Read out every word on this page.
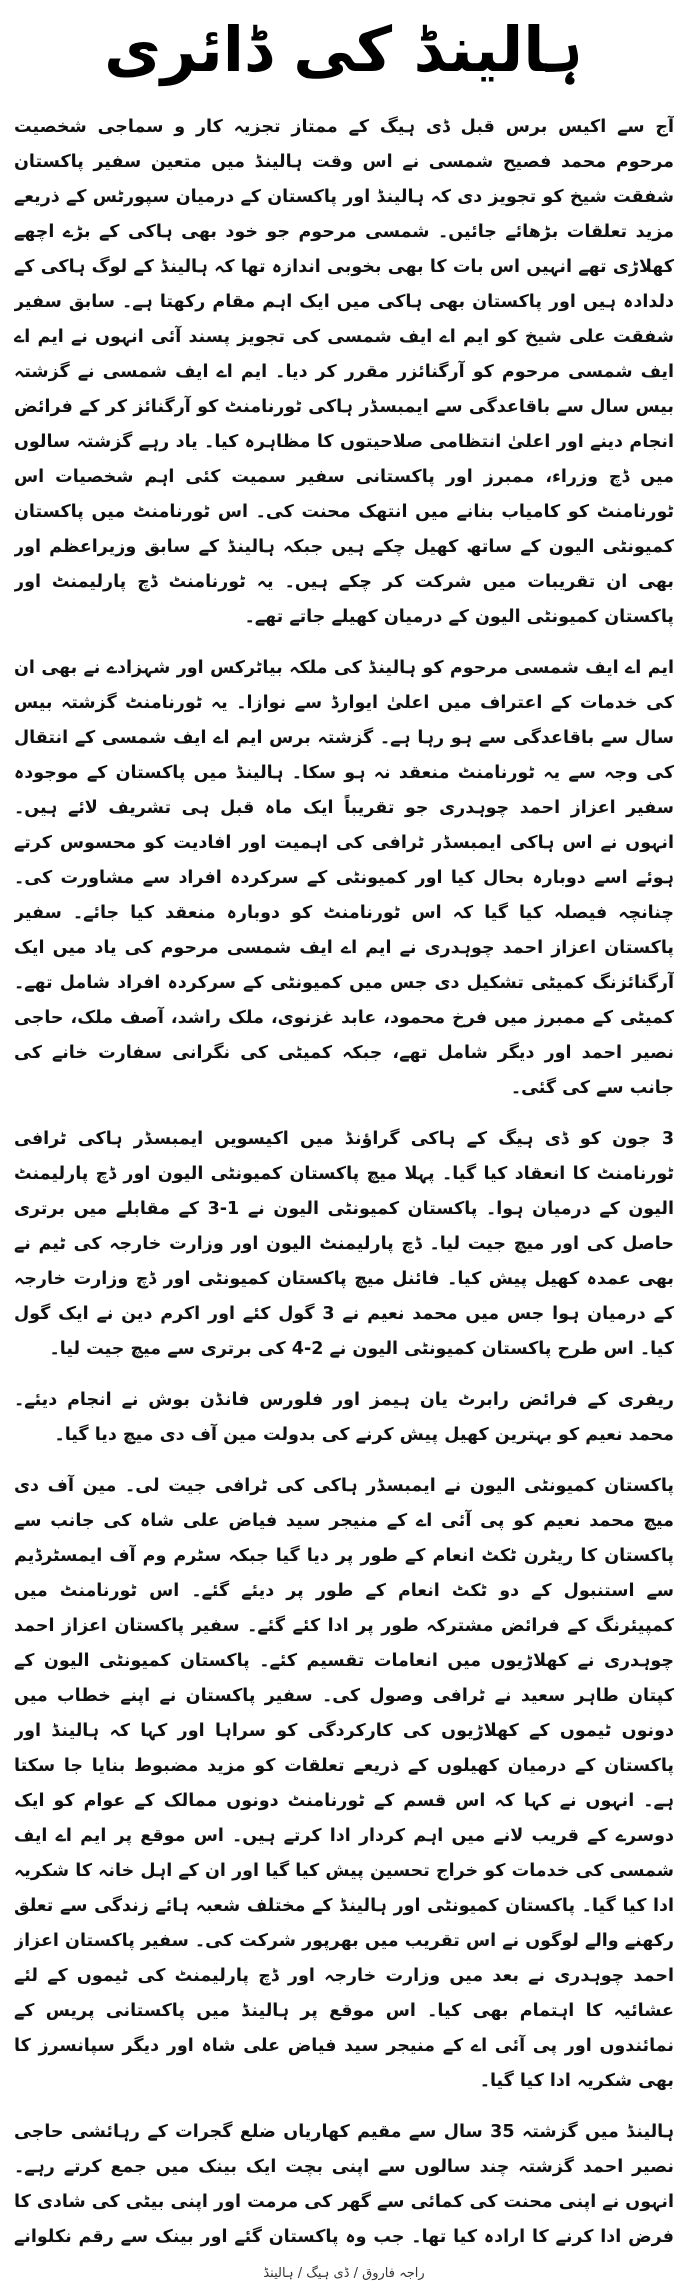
ہالینڈ کی ڈائری

آج سے اکیس برس قبل ڈی ہیگ کے ممتاز تجزیہ کار و سماجی شخصیت مرحوم محمد فصیح شمسی نے اس وقت ہالینڈ میں متعین سفیر پاکستان شفقت شیخ کو تجویز دی کہ ہالینڈ اور پاکستان کے درمیان سپورٹس کے ذریعے مزید تعلقات بڑھائے جائیں۔ شمسی مرحوم جو خود بھی ہاکی کے بڑے اچھے کھلاڑی تھے انہیں اس بات کا بھی بخوبی اندازہ تھا کہ ہالینڈ کے لوگ ہاکی کے دلدادہ ہیں اور پاکستان بھی ہاکی میں ایک اہم مقام رکھتا ہے۔ سابق سفیر شفقت علی شیخ کو ایم اے ایف شمسی کی تجویز پسند آئی انہوں نے ایم اے ایف شمسی مرحوم کو آرگنائزر مقرر کر دیا۔ ایم اے ایف شمسی نے گزشتہ بیس سال سے باقاعدگی سے ایمبسڈر ہاکی ٹورنامنٹ کو آرگنائز کر کے فرائض انجام دینے اور اعلیٰ انتظامی صلاحیتوں کا مظاہرہ کیا۔ یاد رہے گزشتہ سالوں میں ڈچ وزراء، ممبرز اور پاکستانی سفیر سمیت کئی اہم شخصیات اس ٹورنامنٹ کو کامیاب بنانے میں انتھک محنت کی۔ اس ٹورنامنٹ میں پاکستان کمیونٹی الیون کے ساتھ کھیل چکے ہیں جبکہ ہالینڈ کے سابق وزیراعظم اور بھی ان تقریبات میں شرکت کر چکے ہیں۔ یہ ٹورنامنٹ ڈچ پارلیمنٹ اور پاکستان کمیونٹی الیون کے درمیان کھیلے جاتے تھے۔

ایم اے ایف شمسی مرحوم کو ہالینڈ کی ملکہ بیاٹرکس اور شہزادے نے بھی ان کی خدمات کے اعتراف میں اعلیٰ ایوارڈ سے نوازا۔ یہ ٹورنامنٹ گزشتہ بیس سال سے باقاعدگی سے ہو رہا ہے۔ گزشتہ برس ایم اے ایف شمسی کے انتقال کی وجہ سے یہ ٹورنامنٹ منعقد نہ ہو سکا۔ ہالینڈ میں پاکستان کے موجودہ سفیر اعزاز احمد چوہدری جو تقریباً ایک ماہ قبل ہی تشریف لائے ہیں۔ انہوں نے اس ہاکی ایمبسڈر ٹرافی کی اہمیت اور افادیت کو محسوس کرتے ہوئے اسے دوبارہ بحال کیا اور کمیونٹی کے سرکردہ افراد سے مشاورت کی۔ چنانچہ فیصلہ کیا گیا کہ اس ٹورنامنٹ کو دوبارہ منعقد کیا جائے۔ سفیر پاکستان اعزاز احمد چوہدری نے ایم اے ایف شمسی مرحوم کی یاد میں ایک آرگنائزنگ کمیٹی تشکیل دی جس میں کمیونٹی کے سرکردہ افراد شامل تھے۔ کمیٹی کے ممبرز میں فرخ محمود، عابد غزنوی، ملک راشد، آصف ملک، حاجی نصیر احمد اور دیگر شامل تھے، جبکہ کمیٹی کی نگرانی سفارت خانے کی جانب سے کی گئی۔

3 جون کو ڈی ہیگ کے ہاکی گراؤنڈ میں اکیسویں ایمبسڈر ہاکی ٹرافی ٹورنامنٹ کا انعقاد کیا گیا۔ پہلا میچ پاکستان کمیونٹی الیون اور ڈچ پارلیمنٹ الیون کے درمیان ہوا۔ پاکستان کمیونٹی الیون نے 1-3 کے مقابلے میں برتری حاصل کی اور میچ جیت لیا۔ ڈچ پارلیمنٹ الیون اور وزارت خارجہ کی ٹیم نے بھی عمدہ کھیل پیش کیا۔ فائنل میچ پاکستان کمیونٹی اور ڈچ وزارت خارجہ کے درمیان ہوا جس میں محمد نعیم نے 3 گول کئے اور اکرم دین نے ایک گول کیا۔ اس طرح پاکستان کمیونٹی الیون نے 2-4 کی برتری سے میچ جیت لیا۔

ریفری کے فرائض رابرٹ یان ہیمز اور فلورس فانڈن بوش نے انجام دیئے۔ محمد نعیم کو بہترین کھیل پیش کرنے کی بدولت مین آف دی میچ دیا گیا۔

پاکستان کمیونٹی الیون نے ایمبسڈر ہاکی کی ٹرافی جیت لی۔ مین آف دی میچ محمد نعیم کو پی آئی اے کے منیجر سید فیاض علی شاہ کی جانب سے پاکستان کا ریٹرن ٹکٹ انعام کے طور پر دیا گیا جبکہ سٹرم وم آف ایمسٹرڈیم سے استنبول کے دو ٹکٹ انعام کے طور پر دیئے گئے۔ اس ٹورنامنٹ میں کمپیئرنگ کے فرائض مشترکہ طور پر ادا کئے گئے۔ سفیر پاکستان اعزاز احمد چوہدری نے کھلاڑیوں میں انعامات تقسیم کئے۔ پاکستان کمیونٹی الیون کے کپتان طاہر سعید نے ٹرافی وصول کی۔ سفیر پاکستان نے اپنے خطاب میں دونوں ٹیموں کے کھلاڑیوں کی کارکردگی کو سراہا اور کہا کہ ہالینڈ اور پاکستان کے درمیان کھیلوں کے ذریعے تعلقات کو مزید مضبوط بنایا جا سکتا ہے۔ انہوں نے کہا کہ اس قسم کے ٹورنامنٹ دونوں ممالک کے عوام کو ایک دوسرے کے قریب لانے میں اہم کردار ادا کرتے ہیں۔ اس موقع پر ایم اے ایف شمسی کی خدمات کو خراج تحسین پیش کیا گیا اور ان کے اہل خانہ کا شکریہ ادا کیا گیا۔ پاکستان کمیونٹی اور ہالینڈ کے مختلف شعبہ ہائے زندگی سے تعلق رکھنے والے لوگوں نے اس تقریب میں بھرپور شرکت کی۔ سفیر پاکستان اعزاز احمد چوہدری نے بعد میں وزارت خارجہ اور ڈچ پارلیمنٹ کی ٹیموں کے لئے عشائیہ کا اہتمام بھی کیا۔ اس موقع پر ہالینڈ میں پاکستانی پریس کے نمائندوں اور پی آئی اے کے منیجر سید فیاض علی شاہ اور دیگر سپانسرز کا بھی شکریہ ادا کیا گیا۔

ہالینڈ میں گزشتہ 35 سال سے مقیم کھاریاں ضلع گجرات کے رہائشی حاجی نصیر احمد گزشتہ چند سالوں سے اپنی بچت ایک بینک میں جمع کرتے رہے۔ انہوں نے اپنی محنت کی کمائی سے گھر کی مرمت اور اپنی بیٹی کی شادی کا فرض ادا کرنے کا ارادہ کیا تھا۔ جب وہ پاکستان گئے اور بینک سے رقم نکلوانے

راجہ فاروق / ڈی ہیگ / ہالینڈ
